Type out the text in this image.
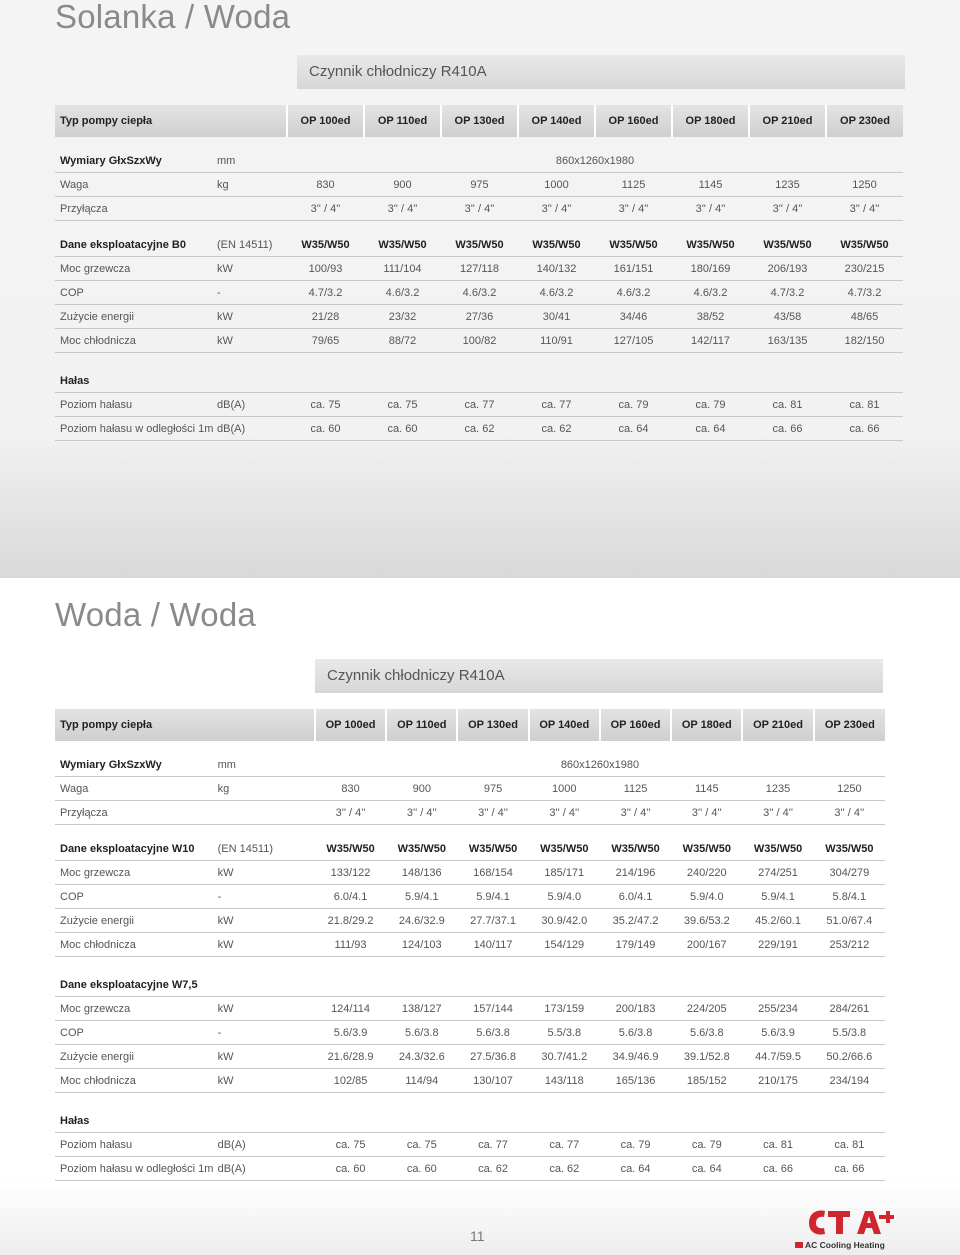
Solanka / Woda
Czynnik chłodniczy R410A
Typ pompy ciepła		OP 100ed	OP 110ed	OP 130ed	OP 140ed	OP 160ed	OP 180ed	OP 210ed	OP 230ed

Wymiary GłxSzxWy	mm	860x1260x1980							
Waga	kg	830	900	975	1000	1125	1145	1235	1250
Przyłącza		3'' / 4''	3'' / 4''	3'' / 4''	3'' / 4''	3'' / 4''	3'' / 4''	3'' / 4''	3'' / 4''

Dane eksploatacyjne B0	(EN 14511)	W35/W50	W35/W50	W35/W50	W35/W50	W35/W50	W35/W50	W35/W50	W35/W50
Moc grzewcza	kW	100/93	111/104	127/118	140/132	161/151	180/169	206/193	230/215
COP	-	4.7/3.2	4.6/3.2	4.6/3.2	4.6/3.2	4.6/3.2	4.6/3.2	4.7/3.2	4.7/3.2
Zużycie energii	kW	21/28	23/32	27/36	30/41	34/46	38/52	43/58	48/65
Moc chłodnicza	kW	79/65	88/72	100/82	110/91	127/105	142/117	163/135	182/150

Hałas									
Poziom hałasu	dB(A)	ca. 75	ca. 75	ca. 77	ca. 77	ca. 79	ca. 79	ca. 81	ca. 81
Poziom hałasu w odległości 1m	dB(A)	ca. 60	ca. 60	ca. 62	ca. 62	ca. 64	ca. 64	ca. 66	ca. 66
Woda / Woda
Czynnik chłodniczy R410A
Typ pompy ciepła		OP 100ed	OP 110ed	OP 130ed	OP 140ed	OP 160ed	OP 180ed	OP 210ed	OP 230ed

Wymiary GłxSzxWy	mm	860x1260x1980							
Waga	kg	830	900	975	1000	1125	1145	1235	1250
Przyłącza		3'' / 4''	3'' / 4''	3'' / 4''	3'' / 4''	3'' / 4''	3'' / 4''	3'' / 4''	3'' / 4''

Dane eksploatacyjne W10	(EN 14511)	W35/W50	W35/W50	W35/W50	W35/W50	W35/W50	W35/W50	W35/W50	W35/W50
Moc grzewcza	kW	133/122	148/136	168/154	185/171	214/196	240/220	274/251	304/279
COP	-	6.0/4.1	5.9/4.1	5.9/4.1	5.9/4.0	6.0/4.1	5.9/4.0	5.9/4.1	5.8/4.1
Zużycie energii	kW	21.8/29.2	24.6/32.9	27.7/37.1	30.9/42.0	35.2/47.2	39.6/53.2	45.2/60.1	51.0/67.4
Moc chłodnicza	kW	111/93	124/103	140/117	154/129	179/149	200/167	229/191	253/212

Dane eksploatacyjne W7,5									
Moc grzewcza	kW	124/114	138/127	157/144	173/159	200/183	224/205	255/234	284/261
COP	-	5.6/3.9	5.6/3.8	5.6/3.8	5.5/3.8	5.6/3.8	5.6/3.8	5.6/3.9	5.5/3.8
Zużycie energii	kW	21.6/28.9	24.3/32.6	27.5/36.8	30.7/41.2	34.9/46.9	39.1/52.8	44.7/59.5	50.2/66.6
Moc chłodnicza	kW	102/85	114/94	130/107	143/118	165/136	185/152	210/175	234/194

Hałas									
Poziom hałasu	dB(A)	ca. 75	ca. 75	ca. 77	ca. 77	ca. 79	ca. 79	ca. 81	ca. 81
Poziom hałasu w odległości 1m	dB(A)	ca. 60	ca. 60	ca. 62	ca. 62	ca. 64	ca. 64	ca. 66	ca. 66
11
AC Cooling Heating
